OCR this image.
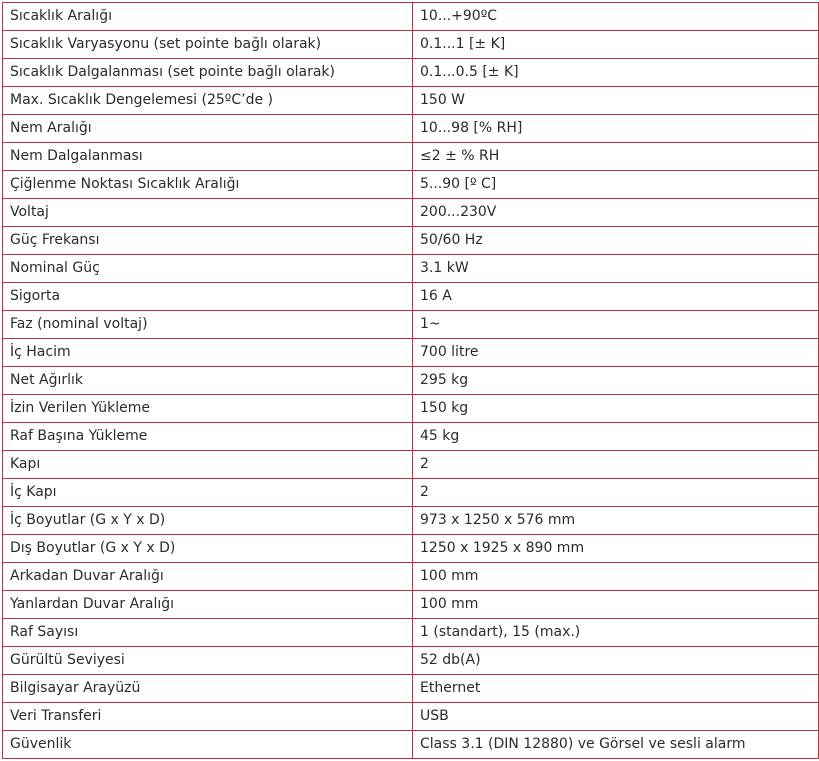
Sıcaklık Aralığı	10...+90ºC
Sıcaklık Varyasyonu (set pointe bağlı olarak)	0.1...1 [± K]
Sıcaklık Dalgalanması (set pointe bağlı olarak)	0.1...0.5 [± K]
Max. Sıcaklık Dengelemesi (25ºC’de )	150 W
Nem Aralığı	10...98 [% RH]
Nem Dalgalanması	≤2 ± % RH
Çiğlenme Noktası Sıcaklık Aralığı	5...90 [º C]
Voltaj	200...230V
Güç Frekansı	50/60 Hz
Nominal Güç	3.1 kW
Sigorta	16 A
Faz (nominal voltaj)	1~
İç Hacim	700 litre
Net Ağırlık	295 kg
İzin Verilen Yükleme	150 kg
Raf Başına Yükleme	45 kg
Kapı	2
İç Kapı	2
İç Boyutlar (G x Y x D)	973 x 1250 x 576 mm
Dış Boyutlar (G x Y x D)	1250 x 1925 x 890 mm
Arkadan Duvar Aralığı	100 mm
Yanlardan Duvar Aralığı	100 mm
Raf Sayısı	1 (standart), 15 (max.)
Gürültü Seviyesi	52 db(A)
Bilgisayar Arayüzü	Ethernet
Veri Transferi	USB
Güvenlik	Class 3.1 (DIN 12880) ve Görsel ve sesli alarm
